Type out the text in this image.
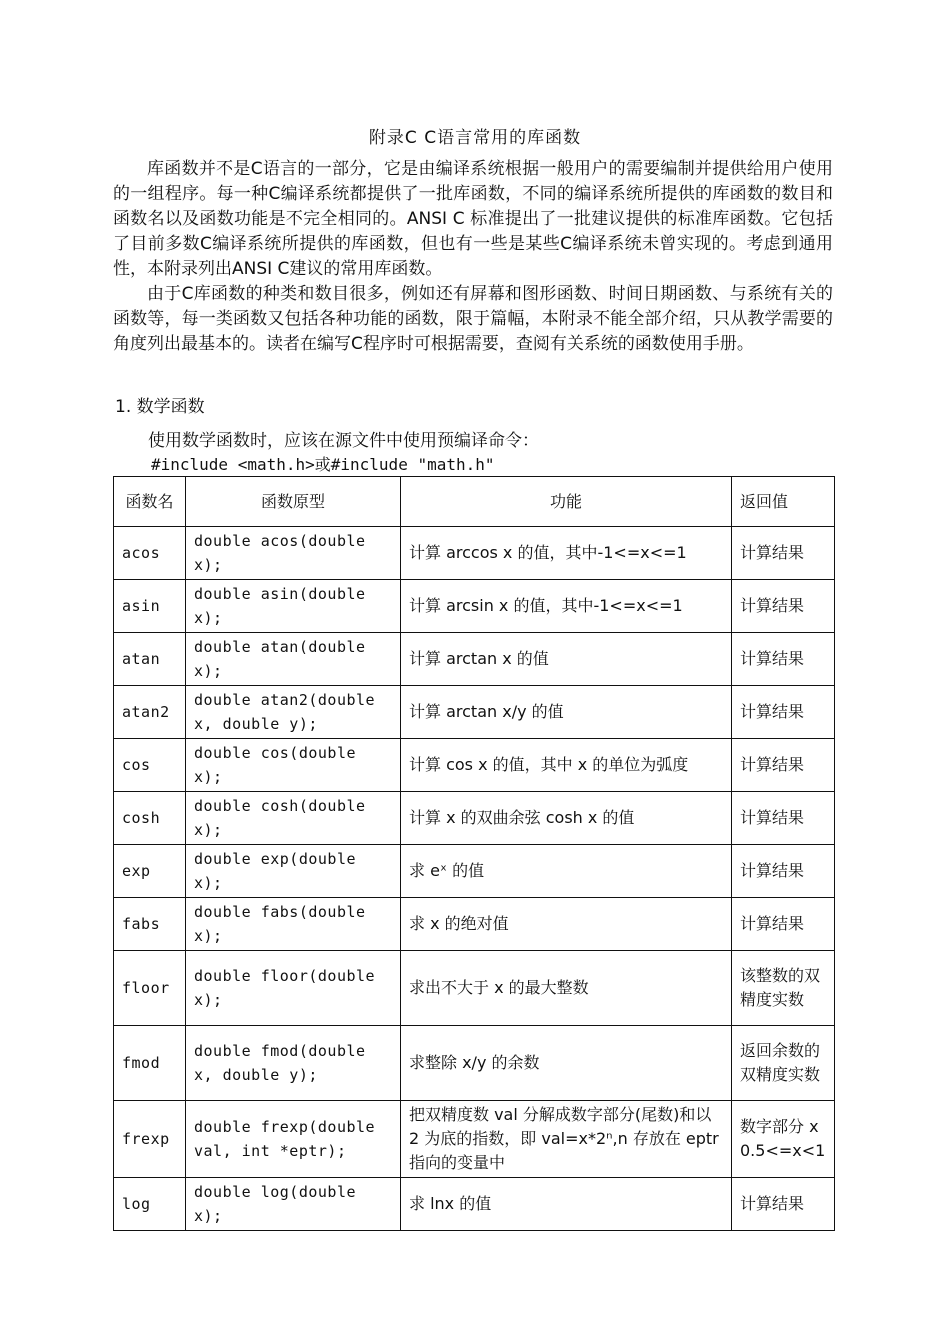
附录C C语言常用的库函数
库函数并不是C语言的一部分，它是由编译系统根据一般用户的需要编制并提供给用户使用的一组程序。每一种C编译系统都提供了一批库函数，不同的编译系统所提供的库函数的数目和函数名以及函数功能是不完全相同的。ANSI C 标准提出了一批建议提供的标准库函数。它包括了目前多数C编译系统所提供的库函数，但也有一些是某些C编译系统未曾实现的。考虑到通用性，本附录列出ANSI C建议的常用库函数。
由于C库函数的种类和数目很多，例如还有屏幕和图形函数、时间日期函数、与系统有关的函数等，每一类函数又包括各种功能的函数，限于篇幅，本附录不能全部介绍，只从教学需要的角度列出最基本的。读者在编写C程序时可根据需要，查阅有关系统的函数使用手册。
1. 数学函数
使用数学函数时，应该在源文件中使用预编译命令：
#include <math.h>或#include "math.h"
函数名	函数原型	功能	返回值
acos	double acos(double x);	计算 arccos x 的值，其中-1<=x<=1	计算结果
asin	double asin(double x);	计算 arcsin x 的值，其中-1<=x<=1	计算结果
atan	double atan(double x);	计算 arctan x 的值	计算结果
atan2	double atan2(double x, double y);	计算 arctan x/y 的值	计算结果
cos	double cos(double x);	计算 cos x 的值，其中 x 的单位为弧度	计算结果
cosh	double cosh(double x);	计算 x 的双曲余弦 cosh x 的值	计算结果
exp	double exp(double x);	求 eˣ 的值	计算结果
fabs	double fabs(double x);	求 x 的绝对值	计算结果
floor	double floor(double x);	求出不大于 x 的最大整数	该整数的双精度实数
fmod	double fmod(double x, double y);	求整除 x/y 的余数	返回余数的双精度实数
frexp	double frexp(double val, int *eptr);	把双精度数 val 分解成数字部分(尾数)和以 2 为底的指数，即 val=x*2ⁿ,n 存放在 eptr 指向的变量中	数字部分 x 0.5<=x<1
log	double log(double x);	求 lnx 的值	计算结果
